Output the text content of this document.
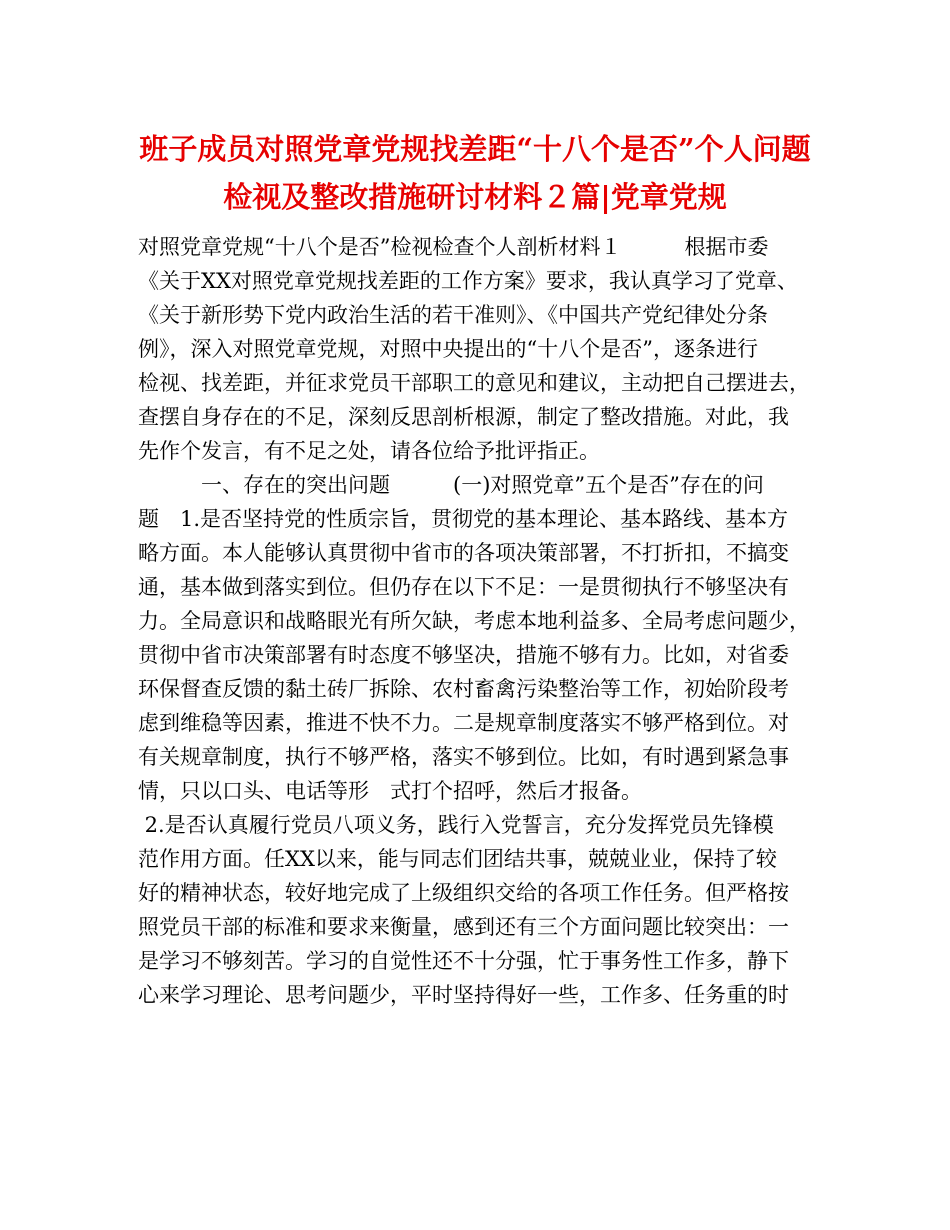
班子成员对照党章党规找差距“十八个是否”个人问题
检视及整改措施研讨材料２篇|党章党规
对照党章党规“十八个是否”检视检查个人剖析材料１　　　根据市委
《关于XX对照党章党规找差距的工作方案》要求，我认真学习了党章、
《关于新形势下党内政治生活的若干准则》、《中国共产党纪律处分条
例》，深入对照党章党规，对照中央提出的“十八个是否”，逐条进行
检视、找差距，并征求党员干部职工的意见和建议，主动把自己摆进去，
查摆自身存在的不足，深刻反思剖析根源，制定了整改措施。对此，我
先作个发言，有不足之处，请各位给予批评指正。
　　　一、存在的突出问题　　　(一)对照党章”五个是否”存在的问
题　1.是否坚持党的性质宗旨，贯彻党的基本理论、基本路线、基本方
略方面。本人能够认真贯彻中省市的各项决策部署，不打折扣，不搞变
通，基本做到落实到位。但仍存在以下不足：一是贯彻执行不够坚决有
力。全局意识和战略眼光有所欠缺，考虑本地利益多、全局考虑问题少，
贯彻中省市决策部署有时态度不够坚决，措施不够有力。比如，对省委
环保督查反馈的黏土砖厂拆除、农村畜禽污染整治等工作，初始阶段考
虑到维稳等因素，推进不快不力。二是规章制度落实不够严格到位。对
有关规章制度，执行不够严格，落实不够到位。比如，有时遇到紧急事
情，只以口头、电话等形　式打个招呼，然后才报备。
2.是否认真履行党员八项义务，践行入党誓言，充分发挥党员先锋模
范作用方面。任XX以来，能与同志们团结共事，兢兢业业，保持了较
好的精神状态，较好地完成了上级组织交给的各项工作任务。但严格按
照党员干部的标准和要求来衡量，感到还有三个方面问题比较突出：一
是学习不够刻苦。学习的自觉性还不十分强，忙于事务性工作多，静下
心来学习理论、思考问题少，平时坚持得好一些，工作多、任务重的时
